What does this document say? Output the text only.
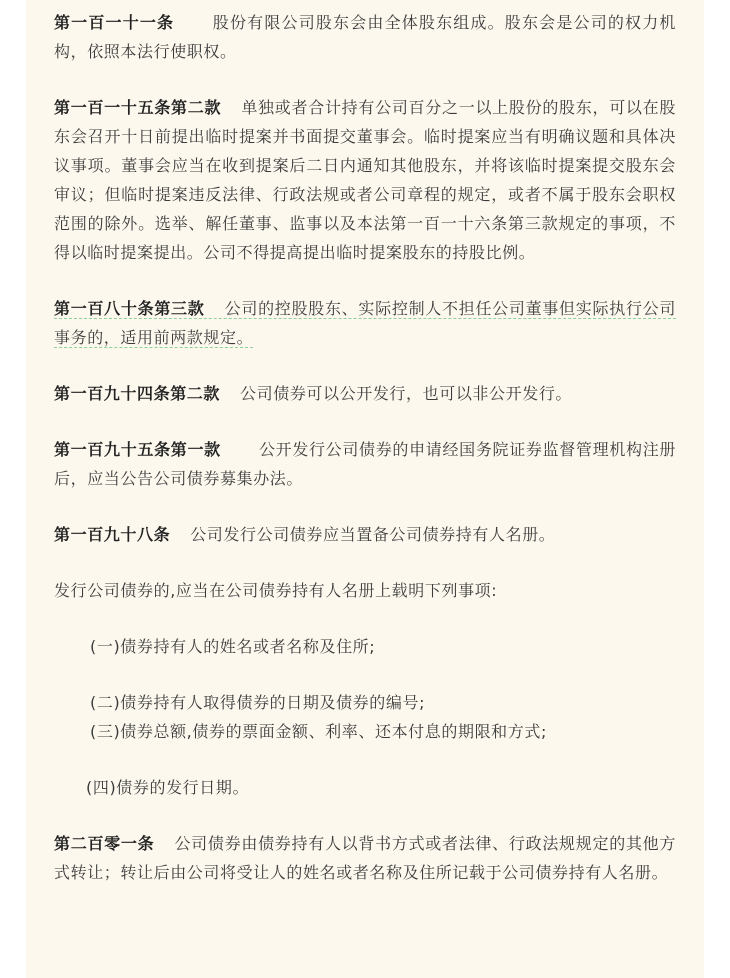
第一百一十一条 股份有限公司股东会由全体股东组成。股东会是公司的权力机构，依照本法行使职权。

第一百一十五条第二款 单独或者合计持有公司百分之一以上股份的股东，可以在股东会召开十日前提出临时提案并书面提交董事会。临时提案应当有明确议题和具体决议事项。董事会应当在收到提案后二日内通知其他股东，并将该临时提案提交股东会审议；但临时提案违反法律、行政法规或者公司章程的规定，或者不属于股东会职权范围的除外。选举、解任董事、监事以及本法第一百一十六条第三款规定的事项，不得以临时提案提出。公司不得提高提出临时提案股东的持股比例。

第一百八十条第三款 公司的控股股东、实际控制人不担任公司董事但实际执行公司事务的，适用前两款规定。

第一百九十四条第二款 公司债券可以公开发行，也可以非公开发行。

第一百九十五条第一款 公开发行公司债券的申请经国务院证券监督管理机构注册后，应当公告公司债券募集办法。

第一百九十八条 公司发行公司债券应当置备公司债券持有人名册。

发行公司债券的,应当在公司债券持有人名册上载明下列事项:

(一)债券持有人的姓名或者名称及住所;

(二)债券持有人取得债券的日期及债券的编号;

(三)债券总额,债券的票面金额、利率、还本付息的期限和方式;

(四)债券的发行日期。

第二百零一条 公司债券由债券持有人以背书方式或者法律、行政法规规定的其他方式转让；转让后由公司将受让人的姓名或者名称及住所记载于公司债券持有人名册。
